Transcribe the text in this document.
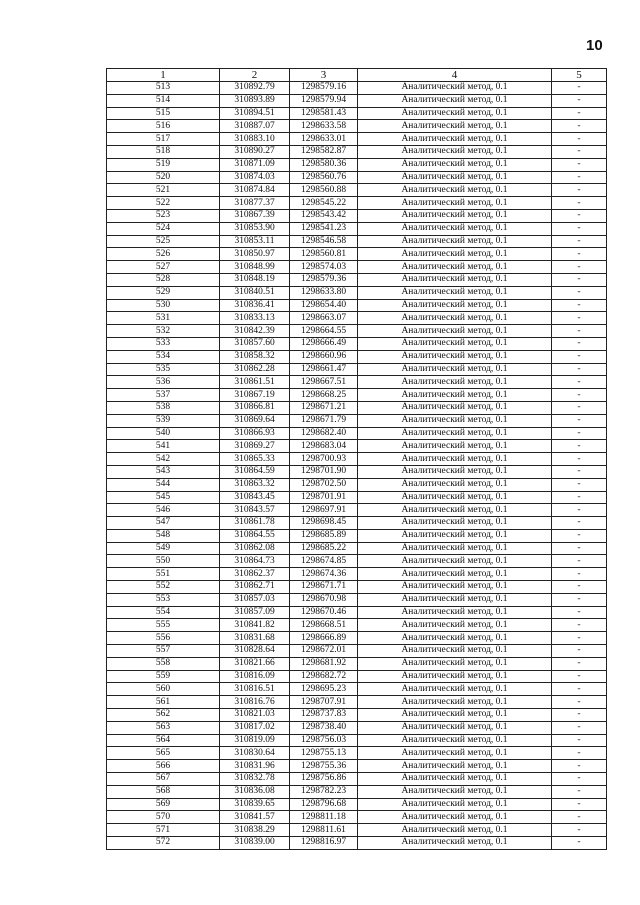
10
1	2	3	4	5
513	310892.79	1298579.16	Аналитический метод, 0.1	-
514	310893.89	1298579.94	Аналитический метод, 0.1	-
515	310894.51	1298581.43	Аналитический метод, 0.1	-
516	310887.07	1298633.58	Аналитический метод, 0.1	-
517	310883.10	1298633.01	Аналитический метод, 0.1	-
518	310890.27	1298582.87	Аналитический метод, 0.1	-
519	310871.09	1298580.36	Аналитический метод, 0.1	-
520	310874.03	1298560.76	Аналитический метод, 0.1	-
521	310874.84	1298560.88	Аналитический метод, 0.1	-
522	310877.37	1298545.22	Аналитический метод, 0.1	-
523	310867.39	1298543.42	Аналитический метод, 0.1	-
524	310853.90	1298541.23	Аналитический метод, 0.1	-
525	310853.11	1298546.58	Аналитический метод, 0.1	-
526	310850.97	1298560.81	Аналитический метод, 0.1	-
527	310848.99	1298574.03	Аналитический метод, 0.1	-
528	310848.19	1298579.36	Аналитический метод, 0.1	-
529	310840.51	1298633.80	Аналитический метод, 0.1	-
530	310836.41	1298654.40	Аналитический метод, 0.1	-
531	310833.13	1298663.07	Аналитический метод, 0.1	-
532	310842.39	1298664.55	Аналитический метод, 0.1	-
533	310857.60	1298666.49	Аналитический метод, 0.1	-
534	310858.32	1298660.96	Аналитический метод, 0.1	-
535	310862.28	1298661.47	Аналитический метод, 0.1	-
536	310861.51	1298667.51	Аналитический метод, 0.1	-
537	310867.19	1298668.25	Аналитический метод, 0.1	-
538	310866.81	1298671.21	Аналитический метод, 0.1	-
539	310869.64	1298671.79	Аналитический метод, 0.1	-
540	310866.93	1298682.40	Аналитический метод, 0.1	-
541	310869.27	1298683.04	Аналитический метод, 0.1	-
542	310865.33	1298700.93	Аналитический метод, 0.1	-
543	310864.59	1298701.90	Аналитический метод, 0.1	-
544	310863.32	1298702.50	Аналитический метод, 0.1	-
545	310843.45	1298701.91	Аналитический метод, 0.1	-
546	310843.57	1298697.91	Аналитический метод, 0.1	-
547	310861.78	1298698.45	Аналитический метод, 0.1	-
548	310864.55	1298685.89	Аналитический метод, 0.1	-
549	310862.08	1298685.22	Аналитический метод, 0.1	-
550	310864.73	1298674.85	Аналитический метод, 0.1	-
551	310862.37	1298674.36	Аналитический метод, 0.1	-
552	310862.71	1298671.71	Аналитический метод, 0.1	-
553	310857.03	1298670.98	Аналитический метод, 0.1	-
554	310857.09	1298670.46	Аналитический метод, 0.1	-
555	310841.82	1298668.51	Аналитический метод, 0.1	-
556	310831.68	1298666.89	Аналитический метод, 0.1	-
557	310828.64	1298672.01	Аналитический метод, 0.1	-
558	310821.66	1298681.92	Аналитический метод, 0.1	-
559	310816.09	1298682.72	Аналитический метод, 0.1	-
560	310816.51	1298695.23	Аналитический метод, 0.1	-
561	310816.76	1298707.91	Аналитический метод, 0.1	-
562	310821.03	1298737.83	Аналитический метод, 0.1	-
563	310817.02	1298738.40	Аналитический метод, 0.1	-
564	310819.09	1298756.03	Аналитический метод, 0.1	-
565	310830.64	1298755.13	Аналитический метод, 0.1	-
566	310831.96	1298755.36	Аналитический метод, 0.1	-
567	310832.78	1298756.86	Аналитический метод, 0.1	-
568	310836.08	1298782.23	Аналитический метод, 0.1	-
569	310839.65	1298796.68	Аналитический метод, 0.1	-
570	310841.57	1298811.18	Аналитический метод, 0.1	-
571	310838.29	1298811.61	Аналитический метод, 0.1	-
572	310839.00	1298816.97	Аналитический метод, 0.1	-
